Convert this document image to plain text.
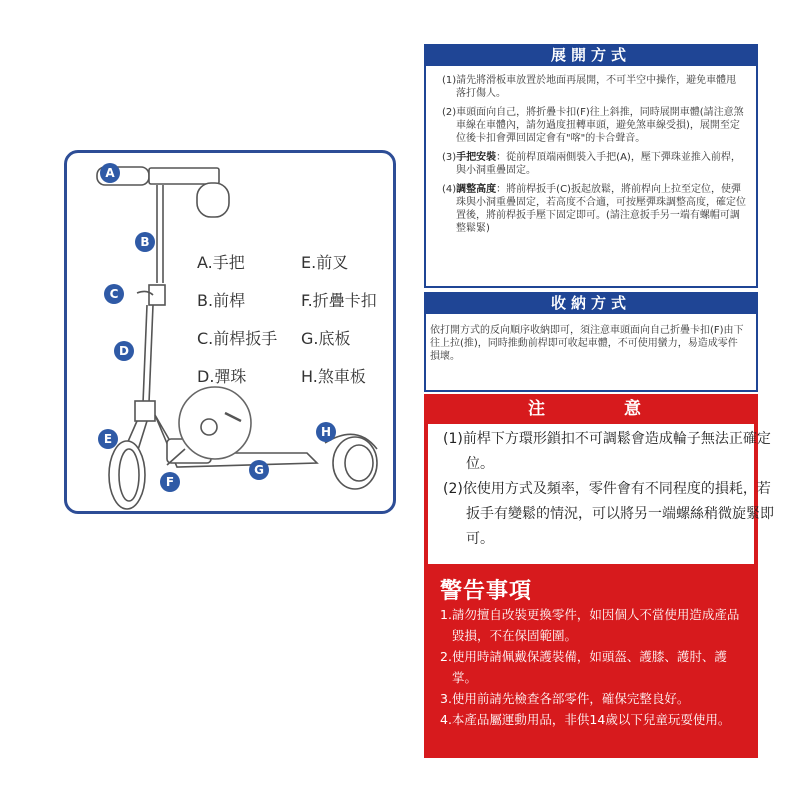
A
B
C
D
E
F
G
H
A.手把	E.前叉
B.前桿	F.折疊卡扣
C.前桿扳手	G.底板
D.彈珠	H.煞車板
展開方式
(1)請先將滑板車放置於地面再展開，不可半空中操作，避免車體甩落打傷人。
(2)車頭面向自己，將折疊卡扣(F)往上斜推，同時展開車體(請注意煞車線在車體內，請勿過度扭轉車頭，避免煞車線受損)，展開至定位後卡扣會彈回固定會有"喀"的卡合聲音。
(3)手把安裝：從前桿頂端兩側裝入手把(A)，壓下彈珠並推入前桿，與小洞重疊固定。
(4)調整高度：將前桿扳手(C)扳起放鬆，將前桿向上拉至定位，使彈珠與小洞重疊固定，若高度不合適，可按壓彈珠調整高度，確定位置後，將前桿扳手壓下固定即可。(請注意扳手另一端有螺帽可調整鬆緊)
收納方式
依打開方式的反向順序收納即可，須注意車頭面向自己折疊卡扣(F)由下往上拉(推)，同時推動前桿即可收起車體，不可使用蠻力，易造成零件損壞。
注	意

(1)前桿下方環形鎖扣不可調鬆會造成輪子無法正確定位。

(2)依使用方式及頻率，零件會有不同程度的損耗，若扳手有變鬆的情況，可以將另一端螺絲稍微旋緊即可。

警告事項
1.請勿擅自改裝更換零件，如因個人不當使用造成產品毀損，不在保固範圍。
2.使用時請佩戴保護裝備，如頭盔、護膝、護肘、護掌。
3.使用前請先檢查各部零件，確保完整良好。
4.本產品屬運動用品，非供14歲以下兒童玩耍使用。
